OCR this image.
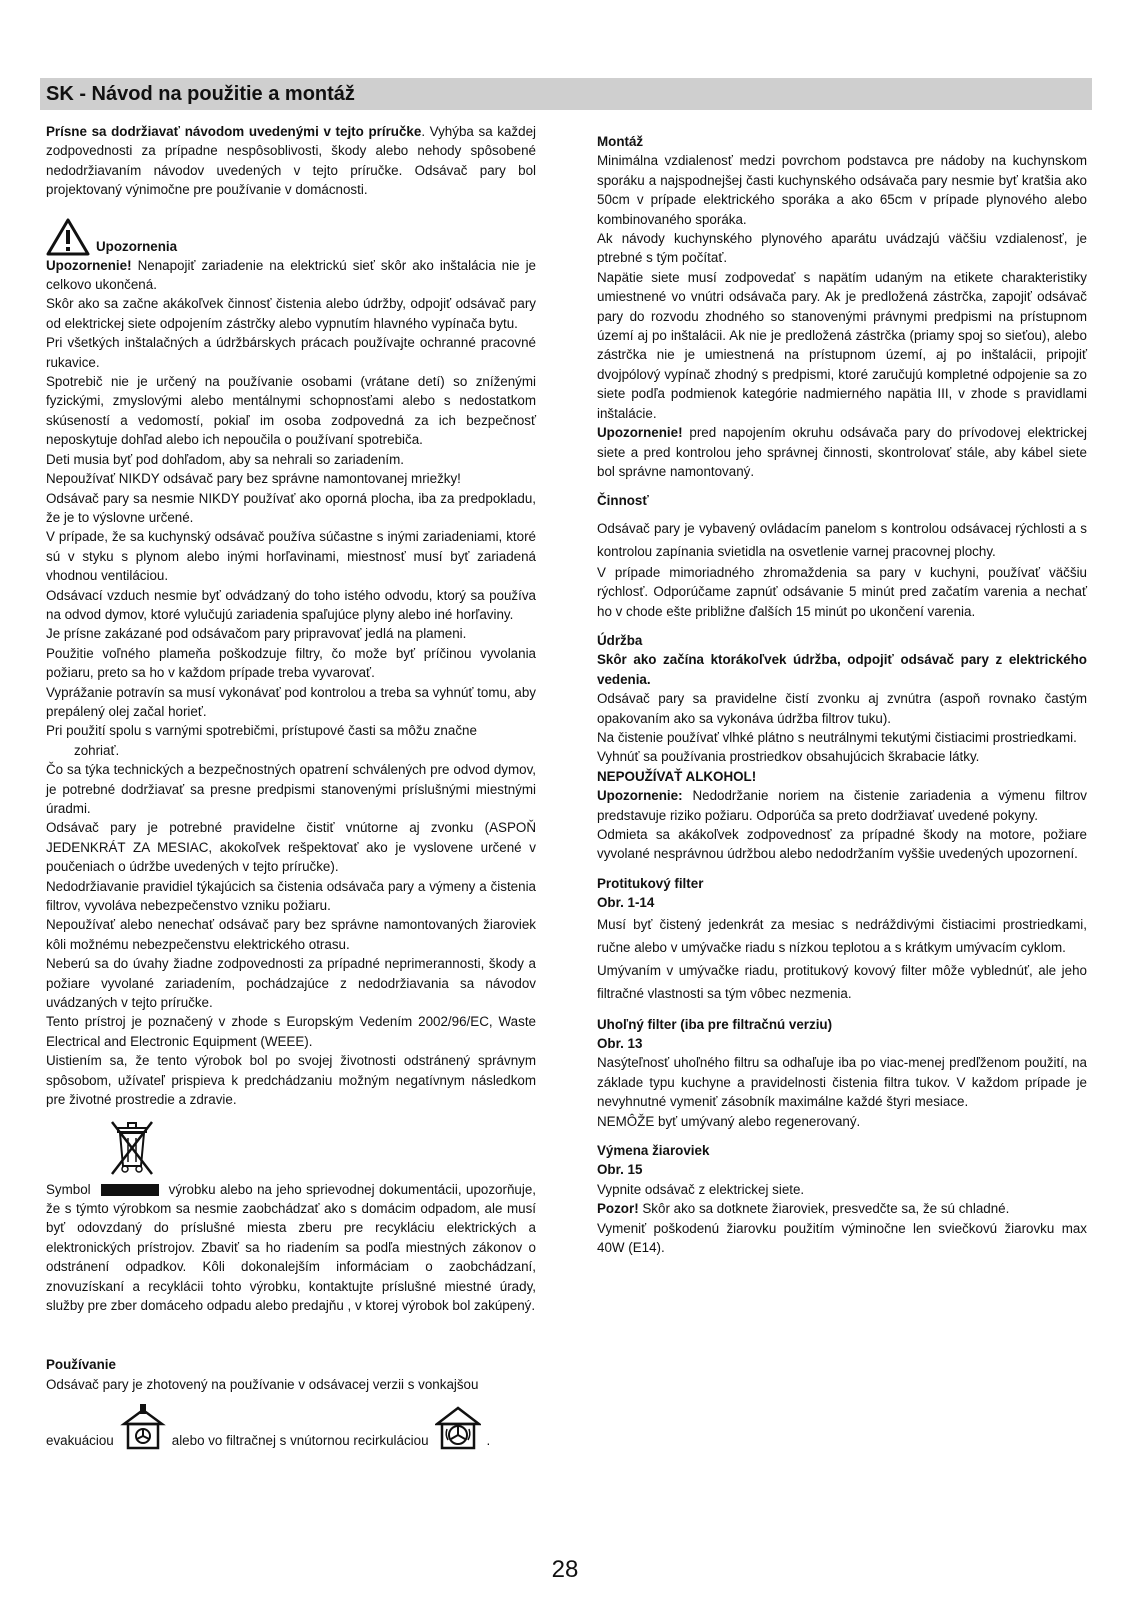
SK - Návod na použitie a montáž

Prísne sa dodržiavať návodom uvedenými v tejto príručke. Vyhýba sa každej zodpovednosti za prípadne nespôsoblivosti, škody alebo nehody spôsobené nedodržiavaním návodov uvedených v tejto príručke. Odsávač pary bol projektovaný výnimočne pre používanie v domácnosti.

Upozornenia

Upozornenie! Nenapojiť zariadenie na elektrickú sieť skôr ako inštalácia nie je celkovo ukončená.

Skôr ako sa začne akákoľvek činnosť čistenia alebo údržby, odpojiť odsávač pary od elektrickej siete odpojením zástrčky alebo vypnutím hlavného vypínača bytu.

Pri všetkých inštalačných a údržbárskych prácach používajte ochranné pracovné rukavice.

Spotrebič nie je určený na používanie osobami (vrátane detí) so zníženými fyzickými, zmyslovými alebo mentálnymi schopnosťami alebo s nedostatkom skúseností a vedomostí, pokiaľ im osoba zodpovedná za ich bezpečnosť neposkytuje dohľad alebo ich nepoučila o používaní spotrebiča.

Deti musia byť pod dohľadom, aby sa nehrali so zariadením.

Nepoužívať NIKDY odsávač pary bez správne namontovanej mriežky!

Odsávač pary sa nesmie NIKDY používať ako oporná plocha, iba za predpokladu, že je to výslovne určené.

V prípade, že sa kuchynský odsávač používa súčastne s inými zariadeniami, ktoré sú v styku s plynom alebo inými horľavinami, miestnosť musí byť zariadená vhodnou ventiláciou.

Odsávací vzduch nesmie byť odvádzaný do toho istého odvodu, ktorý sa používa na odvod dymov, ktoré vylučujú zariadenia spaľujúce plyny alebo iné horľaviny.

Je prísne zakázané pod odsávačom pary pripravovať jedlá na plameni.

Použitie voľného plameňa poškodzuje filtry, čo može byť príčinou vyvolania požiaru, preto sa ho v každom prípade treba vyvarovať.

Vyprážanie potravín sa musí vykonávať pod kontrolou a treba sa vyhnúť tomu, aby prepálený olej začal horieť.

Pri použití spolu s varnými spotrebičmi, prístupové časti sa môžu značne

zohriať.

Čo sa týka technických a bezpečnostných opatrení schválených pre odvod dymov, je potrebné dodržiavať sa presne predpismi stanovenými príslušnými miestnými úradmi.

Odsávač pary je potrebné pravidelne čistiť vnútorne aj zvonku (ASPOŇ JEDENKRÁT ZA MESIAC, akokoľvek rešpektovať ako je vyslovene určené v poučeniach o údržbe uvedených v tejto príručke).

Nedodržiavanie pravidiel týkajúcich sa čistenia odsávača pary a výmeny a čistenia filtrov, vyvoláva nebezpečenstvo vzniku požiaru.

Nepoužívať alebo nenechať odsávač pary bez správne namontovaných žiaroviek kôli možnému nebezpečenstvu elektrického otrasu.

Neberú sa do úvahy žiadne zodpovednosti za prípadné neprimerannosti, škody a požiare vyvolané zariadením, pochádzajúce z nedodržiavania sa návodov uvádzaných v tejto príručke.

Tento prístroj je poznačený v zhode s Europským Vedením 2002/96/EC, Waste Electrical and Electronic Equipment (WEEE).

Uistiením sa, že tento výrobok bol po svojej životnosti odstránený správnym spôsobom, užívateľ prispieva k predchádzaniu možným negatívnym následkom pre životné prostredie a zdravie.

Symbol	výrobku alebo na jeho sprievodnej dokumentácii, upozorňuje, že s týmto výrobkom sa nesmie zaobchádzať ako s domácim odpadom, ale musí byť odovzdaný do príslušné miesta zberu pre recykláciu elektrických a elektronických prístrojov. Zbaviť sa ho riadením sa podľa miestných zákonov o odstránení odpadkov. Kôli dokonalejším informáciam o zaobchádzaní, znovuzískaní a recyklácii tohto výrobku, kontaktujte príslušné miestné úrady, služby pre zber domáceho odpadu alebo predajňu , v ktorej výrobok bol zakúpený.

Používanie

Odsávač pary je zhotovený na používanie v odsávacej verzii s vonkajšou

evakuáciou	alebo vo filtračnej s vnútornou recirkuláciou	.

Montáž

Minimálna vzdialenosť medzi povrchom podstavca pre nádoby na kuchynskom sporáku a najspodnejšej časti kuchynského odsávača pary nesmie byť kratšia ako 50cm v prípade elektrického sporáka a ako 65cm v prípade plynového alebo kombinovaného sporáka.

Ak návody kuchynského plynového aparátu uvádzajú väčšiu vzdialenosť, je ptrebné s tým počítať.

Napätie siete musí zodpovedať s napätím udaným na etikete charakteristiky umiestnené vo vnútri odsávača pary. Ak je predložená zástrčka, zapojiť odsávač pary do rozvodu zhodného so stanovenými právnymi predpismi na prístupnom území aj po inštalácii. Ak nie je predložená zástrčka (priamy spoj so sieťou), alebo zástrčka nie je umiestnená na prístupnom území, aj po inštalácii, pripojiť dvojpólový vypínač zhodný s predpismi, ktoré zaručujú kompletné odpojenie sa zo siete podľa podmienok kategórie nadmierného napätia III, v zhode s pravidlami inštalácie.

Upozornenie! pred napojením okruhu odsávača pary do prívodovej elektrickej siete a pred kontrolou jeho správnej činnosti, skontrolovať stále, aby kábel siete bol správne namontovaný.

Činnosť

Odsávač pary je vybavený ovládacím panelom s kontrolou odsávacej rýchlosti a s kontrolou zapínania svietidla na osvetlenie varnej pracovnej plochy.

V prípade mimoriadného zhromaždenia sa pary v kuchyni, používať väčšiu rýchlosť. Odporúčame zapnúť odsávanie 5 minút pred začatím varenia a nechať ho v chode ešte približne ďalších 15 minút po ukončení varenia.

Údržba

Skôr ako začína ktorákoľvek údržba, odpojiť odsávač pary z elektrického vedenia.

Odsávač pary sa pravidelne čistí zvonku aj zvnútra (aspoň rovnako častým opakovaním ako sa vykonáva údržba filtrov tuku).

Na čistenie používať vlhké plátno s neutrálnymi tekutými čistiacimi prostriedkami.

Vyhnúť sa používania prostriedkov obsahujúcich škrabacie látky.

NEPOUŽÍVAŤ ALKOHOL!

Upozornenie: Nedodržanie noriem na čistenie zariadenia a výmenu filtrov predstavuje riziko požiaru. Odporúča sa preto dodržiavať uvedené pokyny.

Odmieta sa akákoľvek zodpovednosť za prípadné škody na motore, požiare vyvolané nesprávnou údržbou alebo nedodržaním vyššie uvedených upozornení.

Protitukový filter

Obr. 1-14

Musí byť čistený jedenkrát za mesiac s nedráždivými čistiacimi prostriedkami, ručne alebo v umývačke riadu s nízkou teplotou a s krátkym umývacím cyklom.

Umývaním v umývačke riadu, protitukový kovový filter môže vyblednúť, ale jeho filtračné vlastnosti sa tým vôbec nezmenia.

Uhoľný filter (iba pre filtračnú verziu)

Obr. 13

Nasýteľnosť uhoľného filtru sa odhaľuje iba po viac-menej predľženom použití, na základe typu kuchyne a pravidelnosti čistenia filtra tukov. V každom prípade je nevyhnutné vymeniť zásobník maximálne každé štyri mesiace.

NEMÔŽE byť umývaný alebo regenerovaný.

Výmena žiaroviek

Obr. 15

Vypnite odsávač z elektrickej siete.

Pozor! Skôr ako sa dotknete žiaroviek, presvedčte sa, že sú chladné.

Vymeniť poškodenú žiarovku použitím výminočne len sviečkovú žiarovku max 40W (E14).

28
